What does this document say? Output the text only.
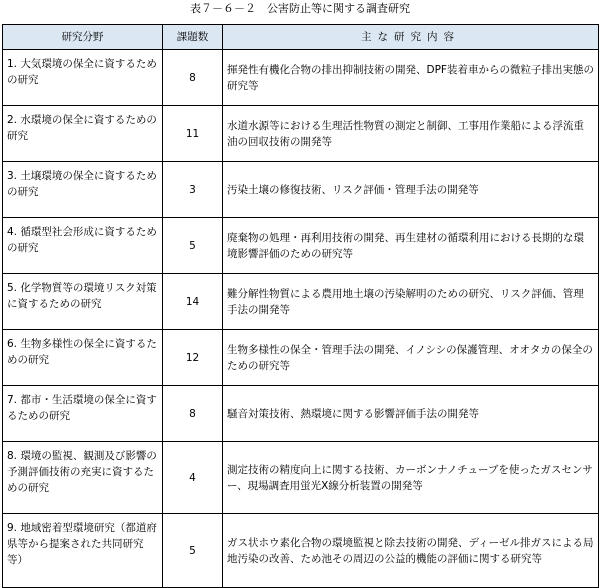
表７－６－２　公害防止等に関する調査研究
研究分野	課題数	主な研究内容
1. 大気環境の保全に資するための研究	8	揮発性有機化合物の排出抑制技術の開発、DPF装着車からの微粒子排出実態の研究等
2. 水環境の保全に資するための研究	11	水道水源等における生理活性物質の測定と制御、工事用作業船による浮流重油の回収技術の開発等
3. 土壌環境の保全に資するための研究	3	汚染土壌の修復技術、リスク評価・管理手法の開発等
4. 循環型社会形成に資するための研究	5	廃棄物の処理・再利用技術の開発、再生建材の循環利用における長期的な環境影響評価のための研究等
5. 化学物質等の環境リスク対策に資するための研究	14	難分解性物質による農用地土壌の汚染解明のための研究、リスク評価、管理手法の開発等
6. 生物多様性の保全に資するための研究	12	生物多様性の保全・管理手法の開発、イノシシの保護管理、オオタカの保全のための研究等
7. 都市・生活環境の保全に資するための研究	8	騒音対策技術、熱環境に関する影響評価手法の開発等
8. 環境の監視、観測及び影響の予測評価技術の充実に資するための研究	4	測定技術の精度向上に関する技術、カーボンナノチューブを使ったガスセンサー、現場調査用蛍光X線分析装置の開発等
9. 地域密着型環境研究（都道府県等から提案された共同研究等）	5	ガス状ホウ素化合物の環境監視と除去技術の開発、ディーゼル排ガスによる局地汚染の改善、ため池その周辺の公益的機能の評価に関する研究等
